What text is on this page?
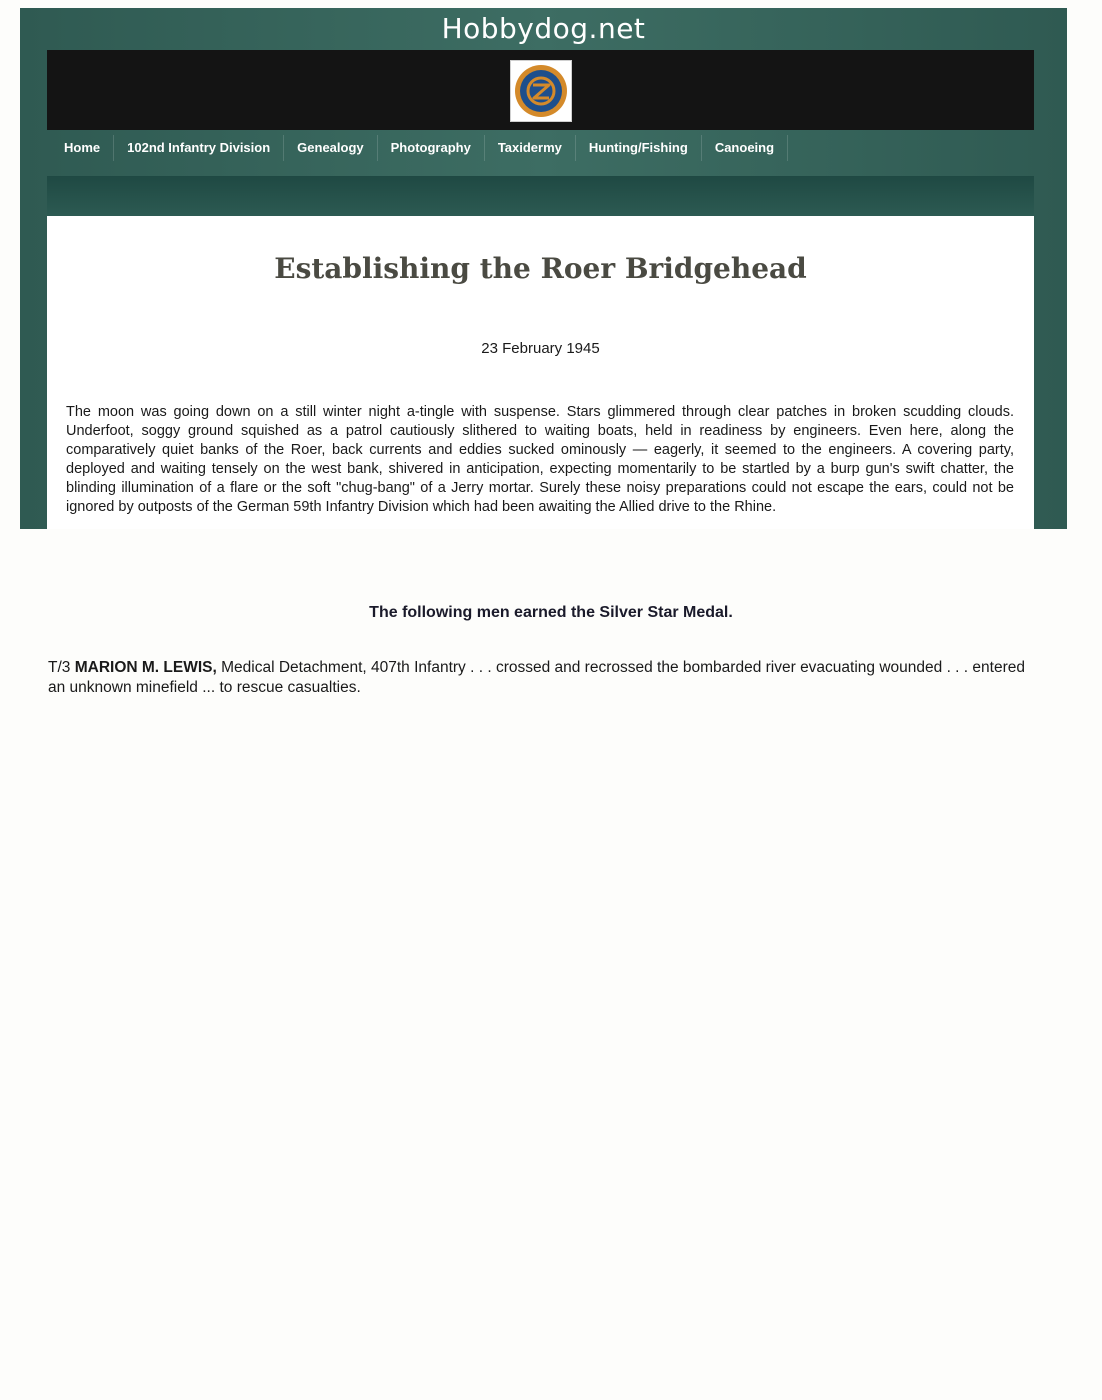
Hobbydog.net
Home	102nd Infantry Division	Genealogy	Photography	Taxidermy	Hunting/Fishing	Canoeing
Establishing the Roer Bridgehead
23 February 1945

The moon was going down on a still winter night a-tingle with suspense. Stars glimmered through clear patches in broken scudding clouds. Underfoot, soggy ground squished as a patrol cautiously slithered to waiting boats, held in readiness by engineers. Even here, along the comparatively quiet banks of the Roer, back currents and eddies sucked ominously — eagerly, it seemed to the engineers. A covering party, deployed and waiting tensely on the west bank, shivered in anticipation, expecting momentarily to be startled by a burp gun's swift chatter, the blinding illumination of a flare or the soft "chug-bang" of a Jerry mortar. Surely these noisy preparations could not escape the ears, could not be ignored by outposts of the German 59th Infantry Division which had been awaiting the Allied drive to the Rhine.

The following men earned the Silver Star Medal.
T/3 MARION M. LEWIS, Medical Detachment, 407th Infantry . . . crossed and recrossed the bombarded river evacuating wounded . . . entered an unknown minefield ... to rescue casualties.
